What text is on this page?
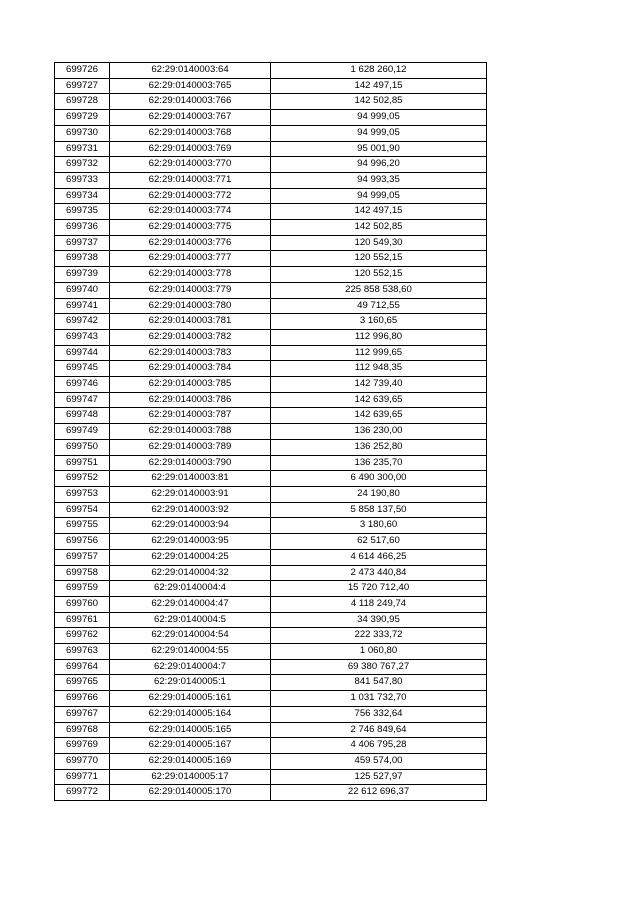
699726	62:29:0140003:64	1 628 260,12
699727	62:29:0140003:765	142 497,15
699728	62:29:0140003:766	142 502,85
699729	62:29:0140003:767	94 999,05
699730	62:29:0140003:768	94 999,05
699731	62:29:0140003:769	95 001,90
699732	62:29:0140003:770	94 996,20
699733	62:29:0140003:771	94 993,35
699734	62:29:0140003:772	94 999,05
699735	62:29:0140003:774	142 497,15
699736	62:29:0140003:775	142 502,85
699737	62:29:0140003:776	120 549,30
699738	62:29:0140003:777	120 552,15
699739	62:29:0140003:778	120 552,15
699740	62:29:0140003:779	225 858 538,60
699741	62:29:0140003:780	49 712,55
699742	62:29:0140003:781	3 160,65
699743	62:29:0140003:782	112 996,80
699744	62:29:0140003:783	112 999,65
699745	62:29:0140003:784	112 948,35
699746	62:29:0140003:785	142 739,40
699747	62:29:0140003:786	142 639,65
699748	62:29:0140003:787	142 639,65
699749	62:29:0140003:788	136 230,00
699750	62:29:0140003:789	136 252,80
699751	62:29:0140003:790	136 235,70
699752	62:29:0140003:81	6 490 300,00
699753	62:29:0140003:91	24 190,80
699754	62:29:0140003:92	5 858 137,50
699755	62:29:0140003:94	3 180,60
699756	62:29:0140003:95	62 517,60
699757	62:29:0140004:25	4 614 466,25
699758	62:29:0140004:32	2 473 440,84
699759	62:29:0140004:4	15 720 712,40
699760	62:29:0140004:47	4 118 249,74
699761	62:29:0140004:5	34 390,95
699762	62:29:0140004:54	222 333,72
699763	62:29:0140004:55	1 060,80
699764	62:29:0140004:7	69 380 767,27
699765	62:29:0140005:1	841 547,80
699766	62:29:0140005:161	1 031 732,70
699767	62:29:0140005:164	756 332,64
699768	62:29:0140005:165	2 746 849,64
699769	62:29:0140005:167	4 406 795,28
699770	62:29:0140005:169	459 574,00
699771	62:29:0140005:17	125 527,97
699772	62:29:0140005:170	22 612 696,37
